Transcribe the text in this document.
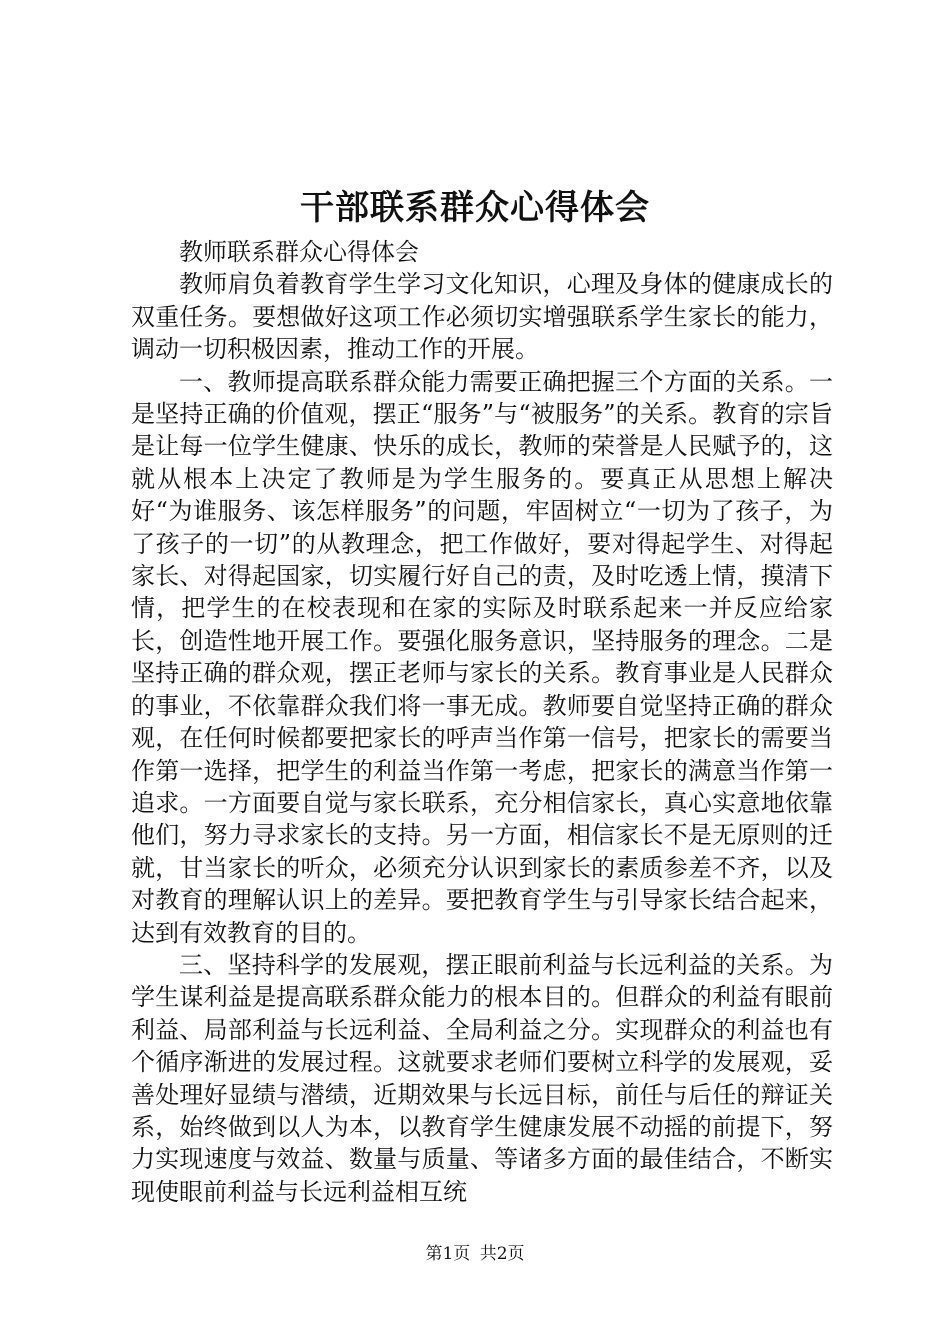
干部联系群众心得体会

教师联系群众心得体会

教师肩负着教育学生学习文化知识，心理及身体的健康成长的双重任务。要想做好这项工作必须切实增强联系学生家长的能力，调动一切积极因素，推动工作的开展。

一、教师提高联系群众能力需要正确把握三个方面的关系。一是坚持正确的价值观，摆正“服务”与“被服务”的关系。教育的宗旨是让每一位学生健康、快乐的成长，教师的荣誉是人民赋予的，这就从根本上决定了教师是为学生服务的。要真正从思想上解决好“为谁服务、该怎样服务”的问题，牢固树立“一切为了孩子，为了孩子的一切”的从教理念，把工作做好，要对得起学生、对得起家长、对得起国家，切实履行好自己的责，及时吃透上情，摸清下情，把学生的在校表现和在家的实际及时联系起来一并反应给家长，创造性地开展工作。要强化服务意识，坚持服务的理念。二是坚持正确的群众观，摆正老师与家长的关系。教育事业是人民群众的事业，不依靠群众我们将一事无成。教师要自觉坚持正确的群众观，在任何时候都要把家长的呼声当作第一信号，把家长的需要当作第一选择，把学生的利益当作第一考虑，把家长的满意当作第一追求。一方面要自觉与家长联系，充分相信家长，真心实意地依靠他们，努力寻求家长的支持。另一方面，相信家长不是无原则的迁就，甘当家长的听众，必须充分认识到家长的素质参差不齐，以及对教育的理解认识上的差异。要把教育学生与引导家长结合起来，达到有效教育的目的。

三、坚持科学的发展观，摆正眼前利益与长远利益的关系。为学生谋利益是提高联系群众能力的根本目的。但群众的利益有眼前利益、局部利益与长远利益、全局利益之分。实现群众的利益也有个循序渐进的发展过程。这就要求老师们要树立科学的发展观，妥善处理好显绩与潜绩，近期效果与长远目标，前任与后任的辩证关系，始终做到以人为本，以教育学生健康发展不动摇的前提下，努力实现速度与效益、数量与质量、等诸多方面的最佳结合，不断实现使眼前利益与长远利益相互统

第1页 共2页
